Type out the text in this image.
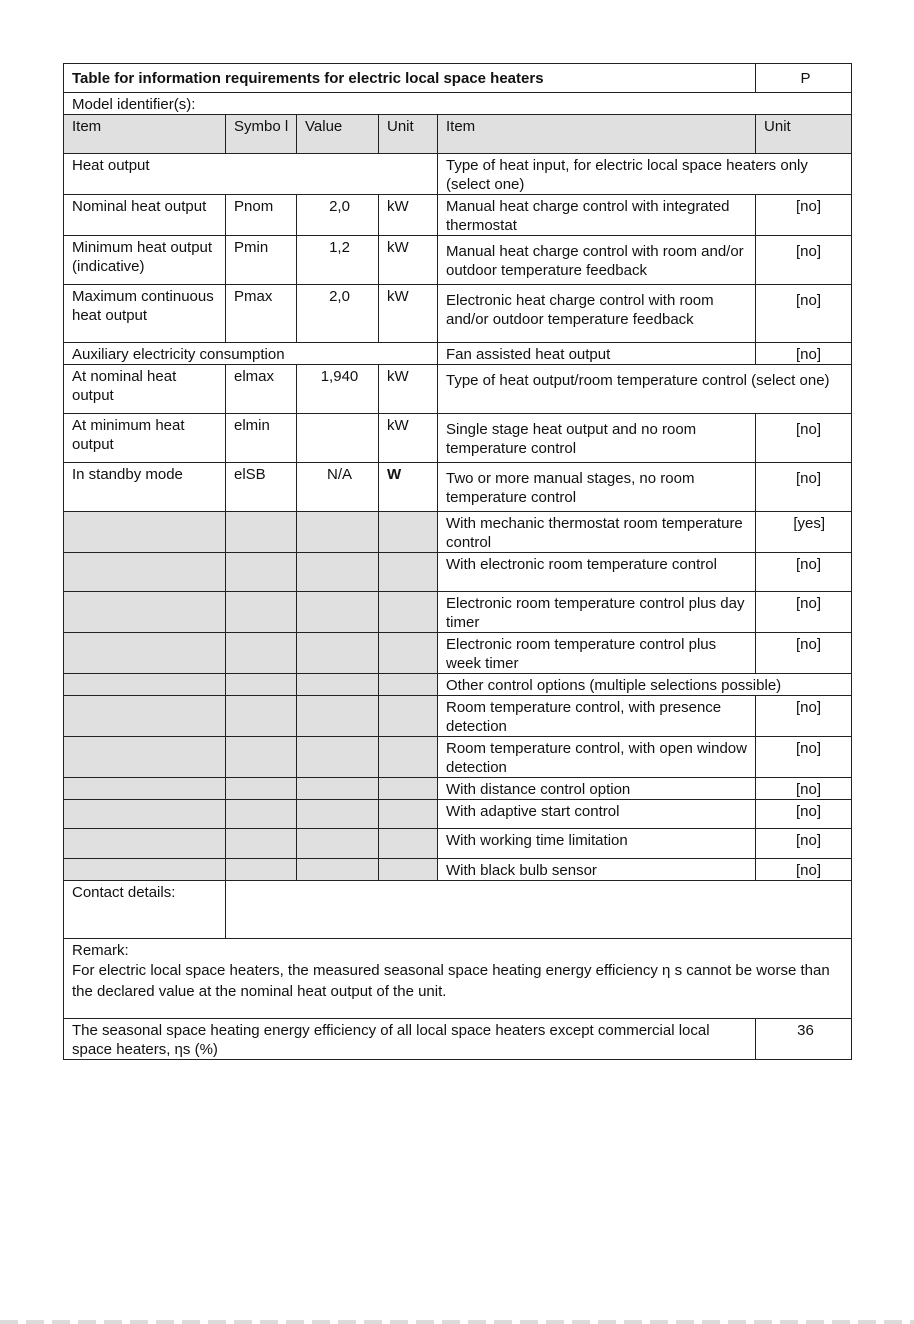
Table for information requirements for electric local space heaters					P
Model identifier(s):					
Item	Symbo l	Value	Unit	Item	Unit
Heat output				Type of heat input, for electric local space heaters only (select one)	
Nominal heat output	Pnom	2,0	kW	Manual heat charge control with integrated thermostat	[no]
Minimum heat output (indicative)	Pmin	1,2	kW	Manual heat charge control with room and/or outdoor temperature feedback	[no]
Maximum continuous heat output	Pmax	2,0	kW	Electronic heat charge control with room and/or outdoor temperature feedback	[no]
Auxiliary electricity consumption				Fan assisted heat output	[no]
At nominal heat output	elmax	1,940	kW	Type of heat output/room temperature control (select one)	
At minimum heat output	elmin		kW	Single stage heat output and no room temperature control	[no]
In standby mode	elSB	N/A	W	Two or more manual stages, no room temperature control	[no]
				With mechanic thermostat room temperature control	[yes]
				With electronic room temperature control	[no]
				Electronic room temperature control plus day timer	[no]
				Electronic room temperature control plus week timer	[no]
				Other control options (multiple selections possible)	
				Room temperature control, with presence detection	[no]
				Room temperature control, with open window detection	[no]
				With distance control option	[no]
				With adaptive start control	[no]
				With working time limitation	[no]
				With black bulb sensor	[no]
Contact details:					

Remark:
For electric local space heaters, the measured seasonal space heating energy efficiency η s cannot be worse than the declared value at the nominal heat output of the unit.					

The seasonal space heating energy efficiency of all local space heaters except commercial local space heaters, ηs (%)					36
